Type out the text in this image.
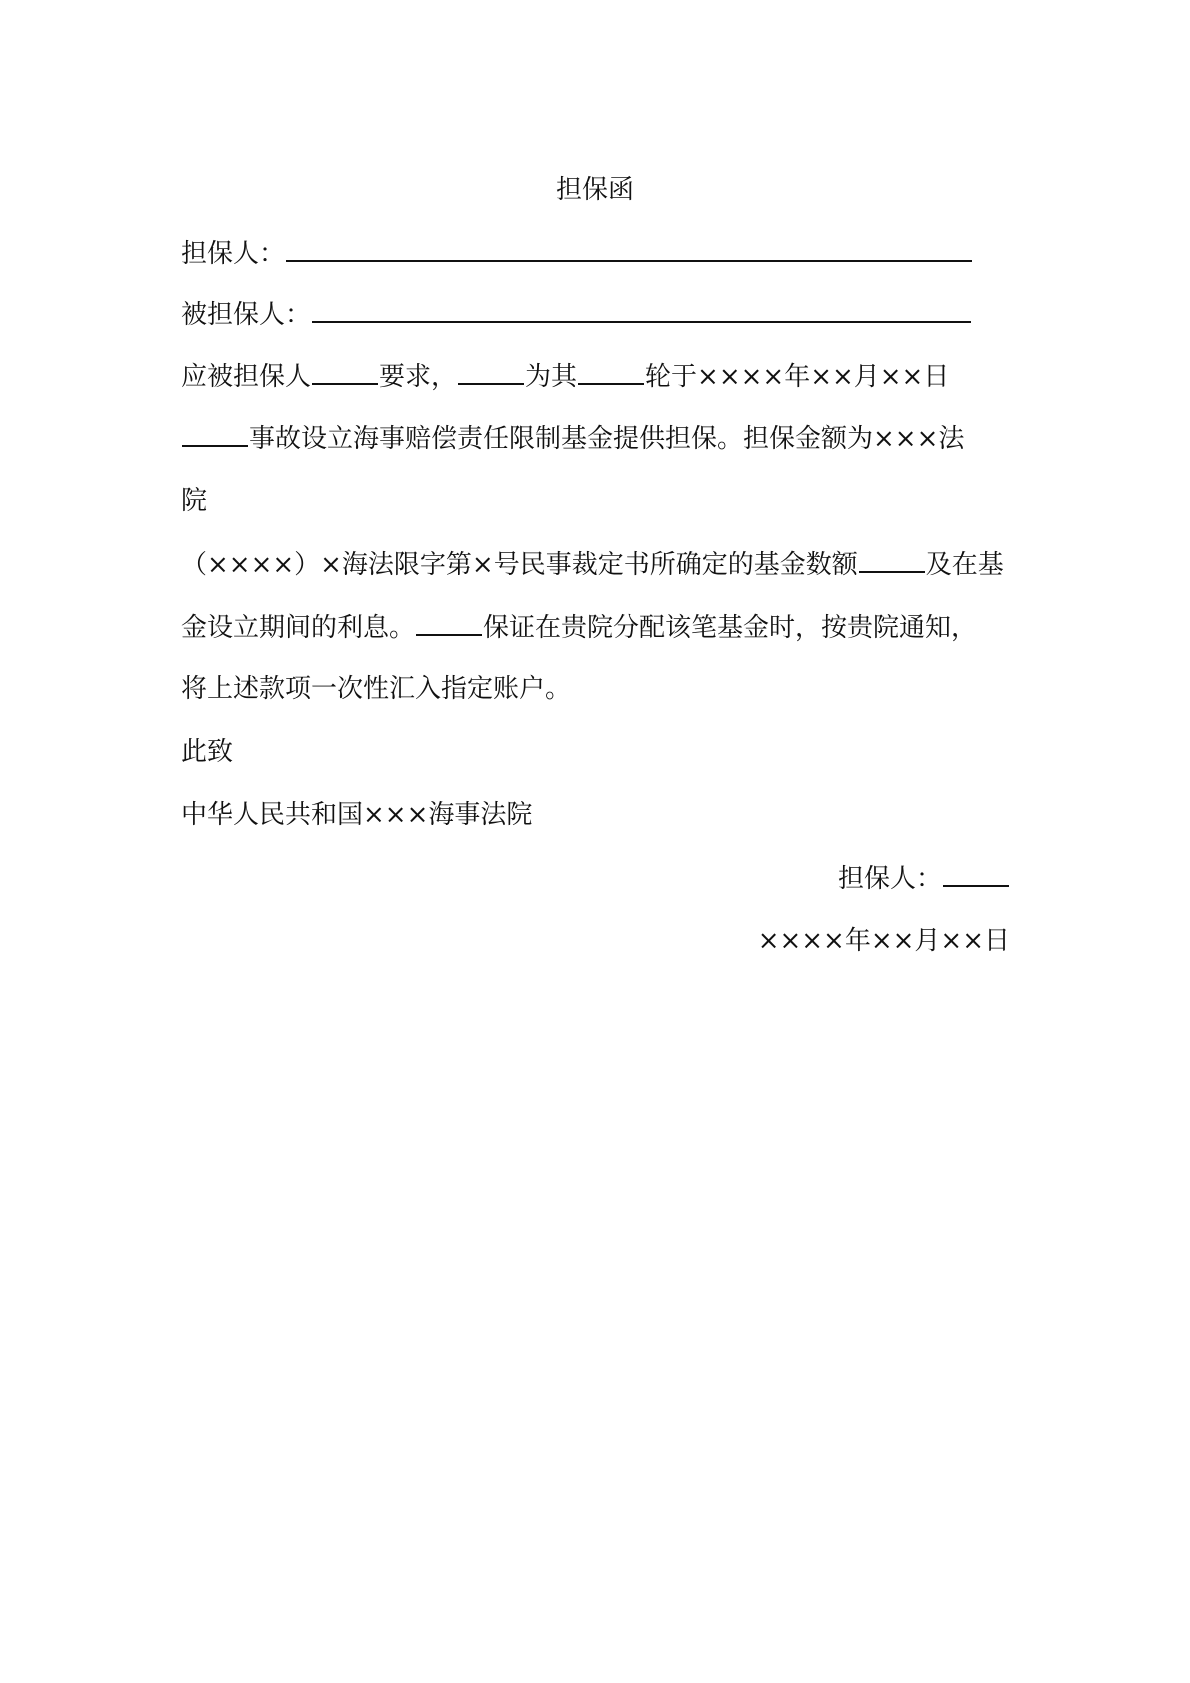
担保函
担保人：
被担保人：
应被担保人	要求，	为其	轮于××××年××月××日
事故设立海事赔偿责任限制基金提供担保。担保金额为×××法
院
（××××）×海法限字第×号民事裁定书所确定的基金数额	及在基
金设立期间的利息。	保证在贵院分配该笔基金时，按贵院通知，
将上述款项一次性汇入指定账户。
此致
中华人民共和国×××海事法院
担保人：
××××年××月××日
